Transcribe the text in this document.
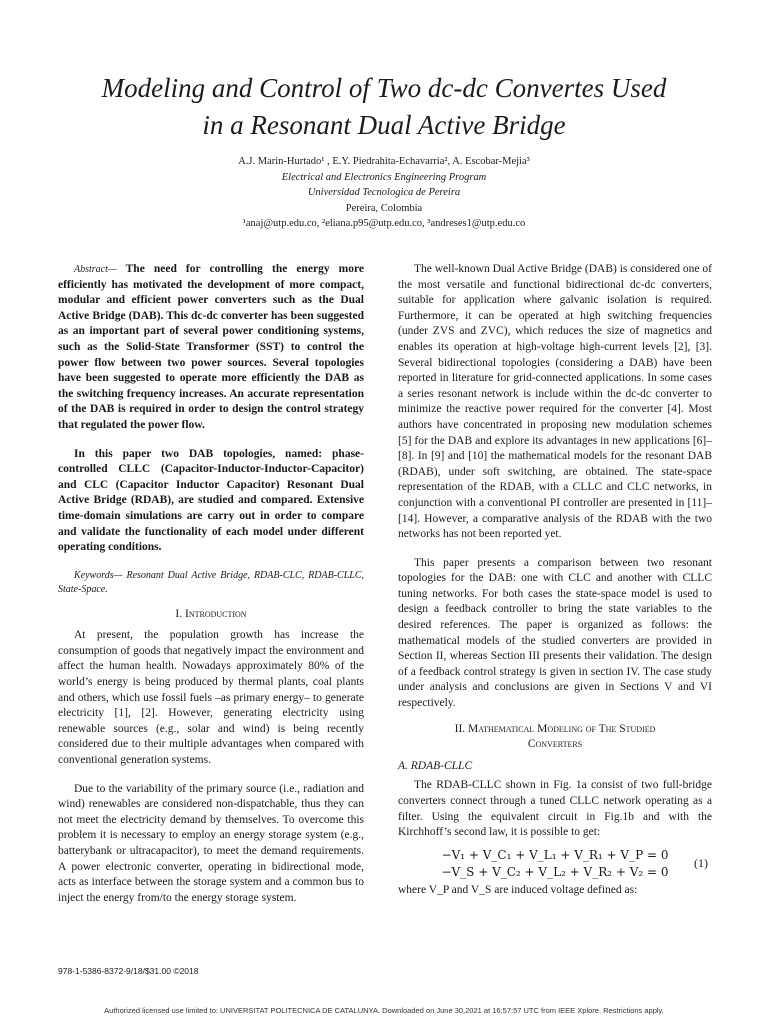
Modeling and Control of Two dc-dc Convertes Used
in a Resonant Dual Active Bridge
A.J. Marin-Hurtado¹ , E.Y. Piedrahita-Echavarria², A. Escobar-Mejia³
Electrical and Electronics Engineering Program
Universidad Tecnologica de Pereira
Pereira, Colombia
¹anaj@utp.edu.co, ²eliana.p95@utp.edu.co, ³andreses1@utp.edu.co

Abstract— The need for controlling the energy more efficiently has motivated the development of more compact, modular and efficient power converters such as the Dual Active Bridge (DAB). This dc-dc converter has been suggested as an important part of several power conditioning systems, such as the Solid-State Transformer (SST) to control the power flow between two power sources. Several topologies have been suggested to operate more efficiently the DAB as the switching frequency increases. An accurate representation of the DAB is required in order to design the control strategy that regulated the power flow.

In this paper two DAB topologies, named: phase-controlled CLLC (Capacitor-Inductor-Inductor-Capacitor) and CLC (Capacitor Inductor Capacitor) Resonant Dual Active Bridge (RDAB), are studied and compared. Extensive time-domain simulations are carry out in order to compare and validate the functionality of each model under different operating conditions.

Keywords— Resonant Dual Active Bridge, RDAB-CLC, RDAB-CLLC, State-Space.

I. Introduction

At present, the population growth has increase the consumption of goods that negatively impact the environment and affect the human health. Nowadays approximately 80% of the world’s energy is being produced by thermal plants, coal plants and others, which use fossil fuels –as primary energy– to generate electricity [1], [2]. However, generating electricity using renewable sources (e.g., solar and wind) is being recently considered due to their multiple advantages when compared with conventional generation systems.

Due to the variability of the primary source (i.e., radiation and wind) renewables are considered non-dispatchable, thus they can not meet the electricity demand by themselves. To overcome this problem it is necessary to employ an energy storage system (e.g., batterybank or ultracapacitor), to meet the demand requirements. A power electronic converter, operating in bidirectional mode, acts as interface between the storage system and a common bus to inject the energy from/to the energy storage system.

The well-known Dual Active Bridge (DAB) is considered one of the most versatile and functional bidirectional dc-dc converters, suitable for application where galvanic isolation is required. Furthermore, it can be operated at high switching frequencies (under ZVS and ZVC), which reduces the size of magnetics and enables its operation at high-voltage high-current levels [2], [3]. Several bidirectional topologies (considering a DAB) have been reported in literature for grid-connected applications. In some cases a series resonant network is include within the dc-dc converter to minimize the reactive power required for the converter [4]. Most authors have concentrated in proposing new modulation schemes [5] for the DAB and explore its advantages in new applications [6]–[8]. In [9] and [10] the mathematical models for the resonant DAB (RDAB), under soft switching, are obtained. The state-space representation of the RDAB, with a CLLC and CLC networks, in conjunction with a conventional PI controller are presented in [11]–[14]. However, a comparative analysis of the RDAB with the two networks has not been reported yet.

This paper presents a comparison between two resonant topologies for the DAB: one with CLC and another with CLLC tuning networks. For both cases the state-space model is used to design a feedback controller to bring the state variables to the desired references. The paper is organized as follows: the mathematical models of the studied converters are provided in Section II, whereas Section III presents their validation. The design of a feedback control strategy is given in section IV. The case study under analysis and conclusions are given in Sections V and VI respectively.

II. Mathematical Modeling of The Studied
Converters
A. RDAB-CLLC

The RDAB-CLLC shown in Fig. 1a consist of two full-bridge converters connect through a tuned CLLC network operating as a filter. Using the equivalent circuit in Fig.1b and with the Kirchhoff’s second law, it is possible to get:

−V₁ + V_C₁ + V_L₁ + V_R₁ + V_P = 0
−V_S + V_C₂ + V_L₂ + V_R₂ + V₂ = 0
(1)

where V_P and V_S are induced voltage defined as:

978-1-5386-8372-9/18/$31.00 ©2018
Authorized licensed use limited to: UNIVERSITAT POLITECNICA DE CATALUNYA. Downloaded on June 30,2021 at 16:57:57 UTC from IEEE Xplore. Restrictions apply.
